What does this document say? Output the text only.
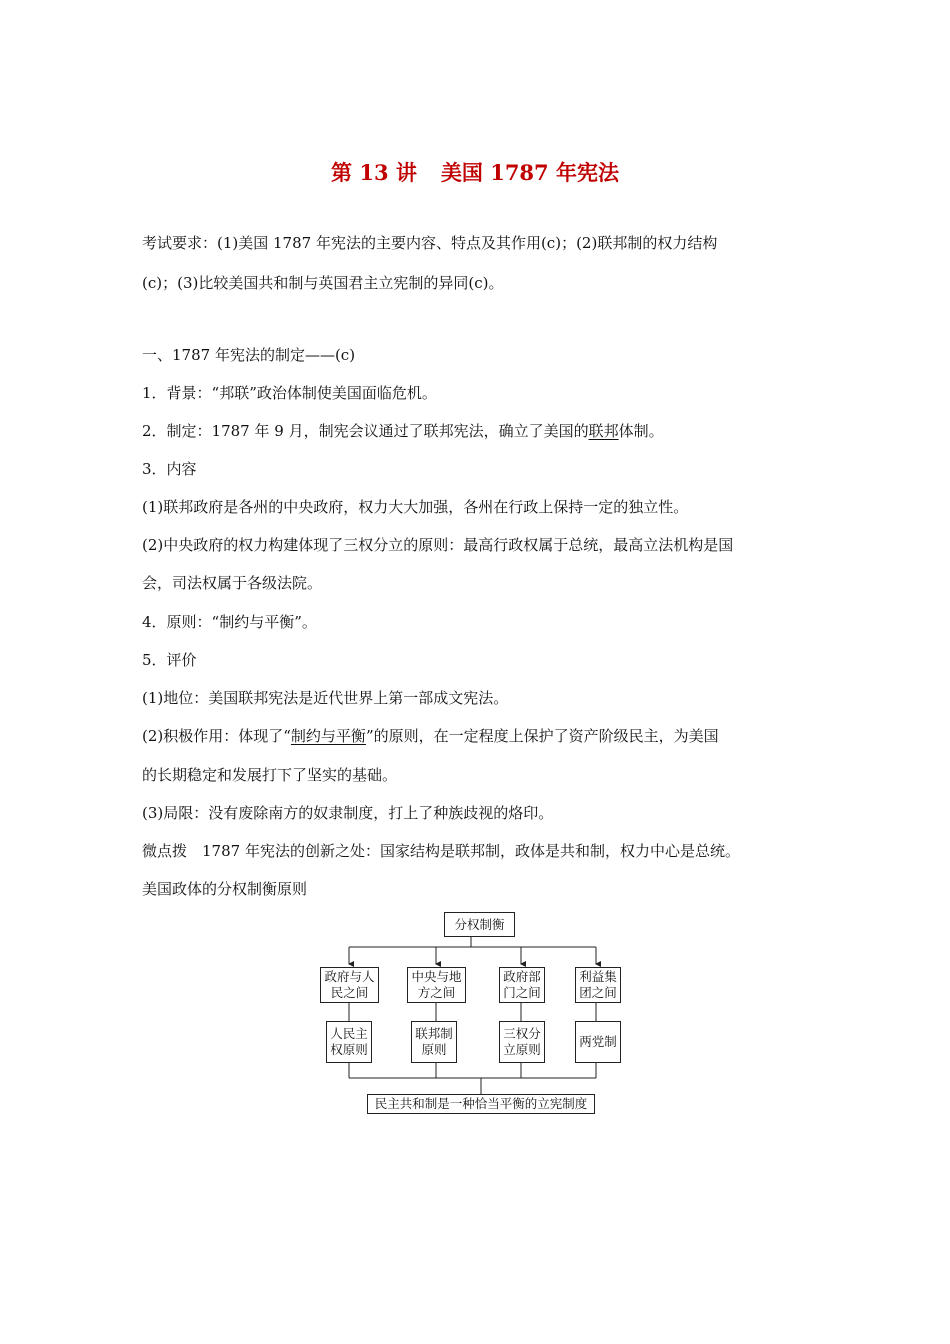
第 13 讲 美国 1787 年宪法
考试要求：(1)美国 1787 年宪法的主要内容、特点及其作用(c)；(2)联邦制的权力结构
(c)；(3)比较美国共和制与英国君主立宪制的异同(c)。
一、1787 年宪法的制定——(c)
1．背景：“邦联”政治体制使美国面临危机。
2．制定：1787 年 9 月，制宪会议通过了联邦宪法，确立了美国的联邦体制。
3．内容
(1)联邦政府是各州的中央政府，权力大大加强，各州在行政上保持一定的独立性。
(2)中央政府的权力构建体现了三权分立的原则：最高行政权属于总统，最高立法机构是国
会，司法权属于各级法院。
4．原则：“制约与平衡”。
5．评价
(1)地位：美国联邦宪法是近代世界上第一部成文宪法。
(2)积极作用：体现了“制约与平衡”的原则，在一定程度上保护了资产阶级民主，为美国
的长期稳定和发展打下了坚实的基础。
(3)局限：没有废除南方的奴隶制度，打上了种族歧视的烙印。
微点拨　1787 年宪法的创新之处：国家结构是联邦制，政体是共和制，权力中心是总统。
美国政体的分权制衡原则
分权制衡
政府与人
民之间
中央与地
方之间
政府部
门之间
利益集
团之间
人民主
权原则
联邦制
原则
三权分
立原则
两党制
民主共和制是一种恰当平衡的立宪制度
